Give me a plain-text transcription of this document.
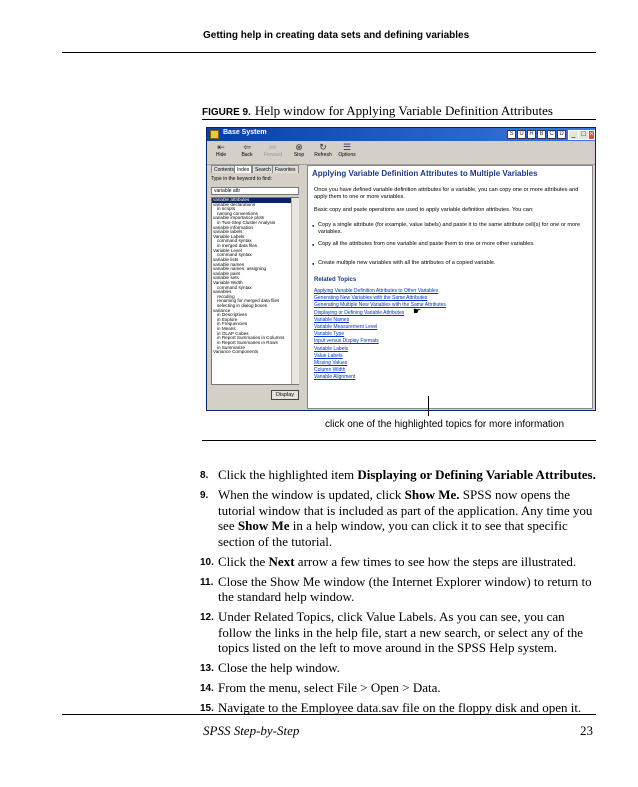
Getting help in creating data sets and defining variables
FIGURE 9. Help window for Applying Variable Definition Attributes
Base System	S U R B C D	_ □ ×
⇤
Hide
⇦
Back
⇨
Forward
⊗
Stop
↻
Refresh
☰
Options
Contents Index	Search Favorites
Type in the keyword to find:
variable attr
variable attributes
variable declarations
in scripts
naming conventions
variable importance plots
in Two-Step Cluster Analysis
variable information
variable labels
Variable Labels
command syntax
in merged data files
Variable Level
command syntax
variable lists
variable names
variable names: assigning
variable pairs
variable sets
Variable Width
command syntax
variables
recoding
renaming for merged data files
selecting in dialog boxes
variance
in Descriptives
in Explore
in Frequencies
in Means
in OLAP Cubes
in Report Summaries in Columns
in Report Summaries in Rows
in Summarize
Variance Components
Display
Applying Variable Definition Attributes to Multiple Variables
Once you have defined variable definition attributes for a variable, you can copy one or more attributes and apply them to one or more variables.
Basic copy and paste operations are used to apply variable definition attributes. You can:
● Copy a single attribute (for example, value labels) and paste it to the same attribute cell(s) for one or more variables.
● Copy all the attributes from one variable and paste them to one or more other variables.
● Create multiple new variables with all the attributes of a copied variable.
Related Topics
☛
Applying Variable Definition Attributes to Other Variables
Generating New Variables with the Same Attributes
Generating Multiple New Variables with the Same Attributes
Displaying or Defining Variable Attributes
Variable Names
Variable Measurement Level
Variable Type
Input versus Display Formats
Variable Labels
Value Labels
Missing Values
Column Width
Variable Alignment
click one of the highlighted topics for more information
8. Click the highlighted item Displaying or Defining Variable Attributes.
9. When the window is updated, click Show Me. SPSS now opens the tutorial window that is included as part of the application. Any time you see Show Me in a help window, you can click it to see that specific section of the tutorial.
10. Click the Next arrow a few times to see how the steps are illustrated.
11. Close the Show Me window (the Internet Explorer window) to return to the standard help window.
12. Under Related Topics, click Value Labels. As you can see, you can follow the links in the help file, start a new search, or select any of the topics listed on the left to move around in the SPSS Help system.
13. Close the help window.
14. From the menu, select File > Open > Data.
15. Navigate to the Employee data.sav file on the floppy disk and open it.
SPSS Step-by-Step	23
